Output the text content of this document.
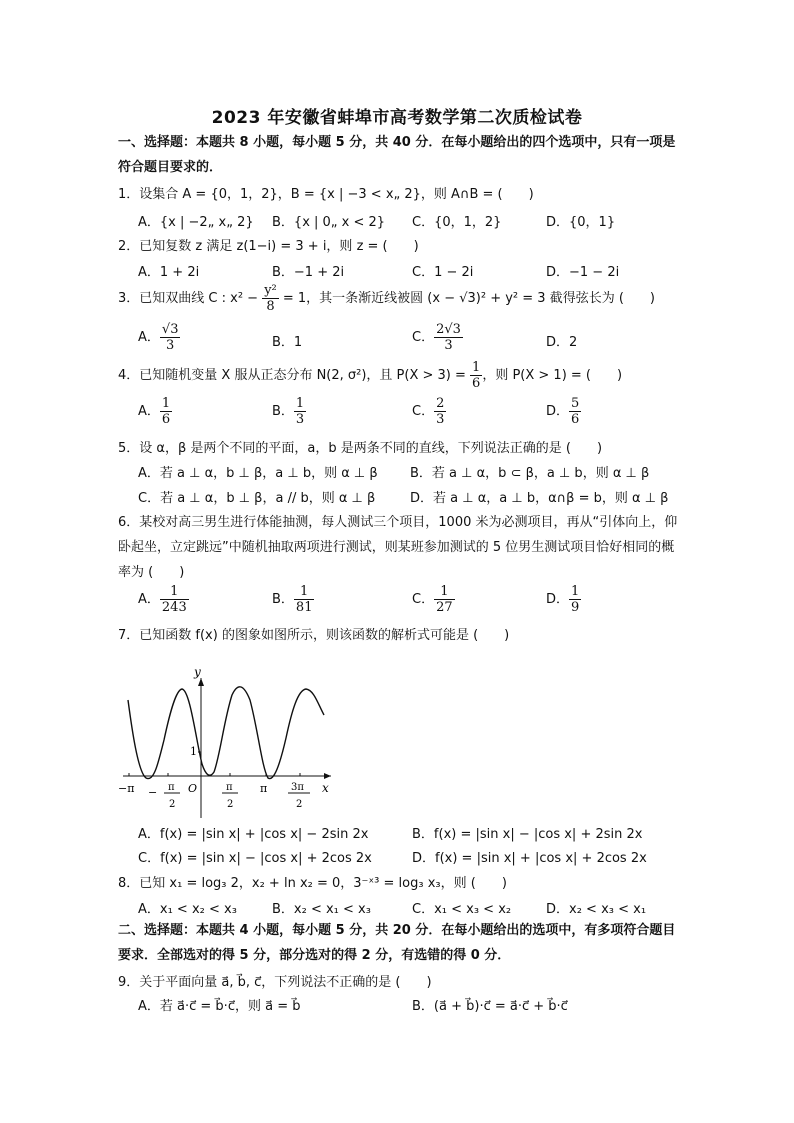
2023 年安徽省蚌埠市高考数学第二次质检试卷
一、选择题：本题共 8 小题，每小题 5 分，共 40 分．在每小题给出的四个选项中，只有一项是符合题目要求的．
1．设集合 A = {0，1，2}，B = {x | −3 < x„ 2}，则 A∩B = (　　)
A．{x | −2„ x„ 2} B．{x | 0„ x < 2} C．{0，1，2}	D．{0，1}
2．已知复数 z 满足 z(1−i) = 3 + i，则 z = (　　)
A．1 + 2i	B．−1 + 2i	C．1 − 2i	D．−1 − 2i
3．已知双曲线 C : $x^2 - \frac{\text{y²}}{8} = 1$，其一条渐近线被圆 (x − √3)² + y² = 3 截得弦长为 (　　)
A． $\frac{√3}{3}$	B．1	C． $\frac{2√3}{3}$	D．2
4．已知随机变量 X 服从正态分布 N(2, σ²)，且 $P(X > 3) = \frac{1}{6}$ ，则 P(X > 1) = (　　)
A． $\frac{1}{6}$	B． $\frac{1}{3}$	C． $\frac{2}{3}$	D． $\frac{5}{6}$
5．设 α，β 是两个不同的平面，a，b 是两条不同的直线，下列说法正确的是 (　　)
A．若 a ⊥ α，b ⊥ β，a ⊥ b，则 α ⊥ β B．若 a ⊥ α，b ⊂ β，a ⊥ b，则 α ⊥ β
C．若 a ⊥ α，b ⊥ β，a // b，则 α ⊥ β	D．若 a ⊥ α，a ⊥ b，α∩β = b，则 α ⊥ β
6．某校对高三男生进行体能抽测，每人测试三个项目，1000 米为必测项目，再从“引体向上，仰卧起坐，立定跳远”中随机抽取两项进行测试，则某班参加测试的 5 位男生测试项目恰好相同的概率为 (　　)
A． $\frac{1}{243}$	B． $\frac{1}{81}$	C． $\frac{1}{27}$	D． $\frac{1}{9}$
7．已知函数 f(x) 的图象如图所示，则该函数的解析式可能是 (　　)
y
x
O
1
−π − π
2
π
2
π 3π
2
A．f(x) = |sin x| + |cos x| − 2sin 2x	B．f(x) = |sin x| − |cos x| + 2sin 2x
C．f(x) = |sin x| − |cos x| + 2cos 2x	D．f(x) = |sin x| + |cos x| + 2cos 2x
8．已知 x₁ = log₃ 2，x₂ + ln x₂ = 0，3⁻ˣ³ = log₃ x₃，则 (　　)
A．x₁ < x₂ < x₃	B．x₂ < x₁ < x₃	C．x₁ < x₃ < x₂	D．x₂ < x₃ < x₁
二、选择题：本题共 4 小题，每小题 5 分，共 20 分．在每小题给出的选项中，有多项符合题目要求．全部选对的得 5 分，部分选对的得 2 分，有选错的得 0 分．
9．关于平面向量 a⃗, b⃗, c⃗，下列说法不正确的是 (　　)
A．若 a⃗·c⃗ = b⃗·c⃗，则 a⃗ = b⃗	B．(a⃗ + b⃗)·c⃗ = a⃗·c⃗ + b⃗·c⃗
